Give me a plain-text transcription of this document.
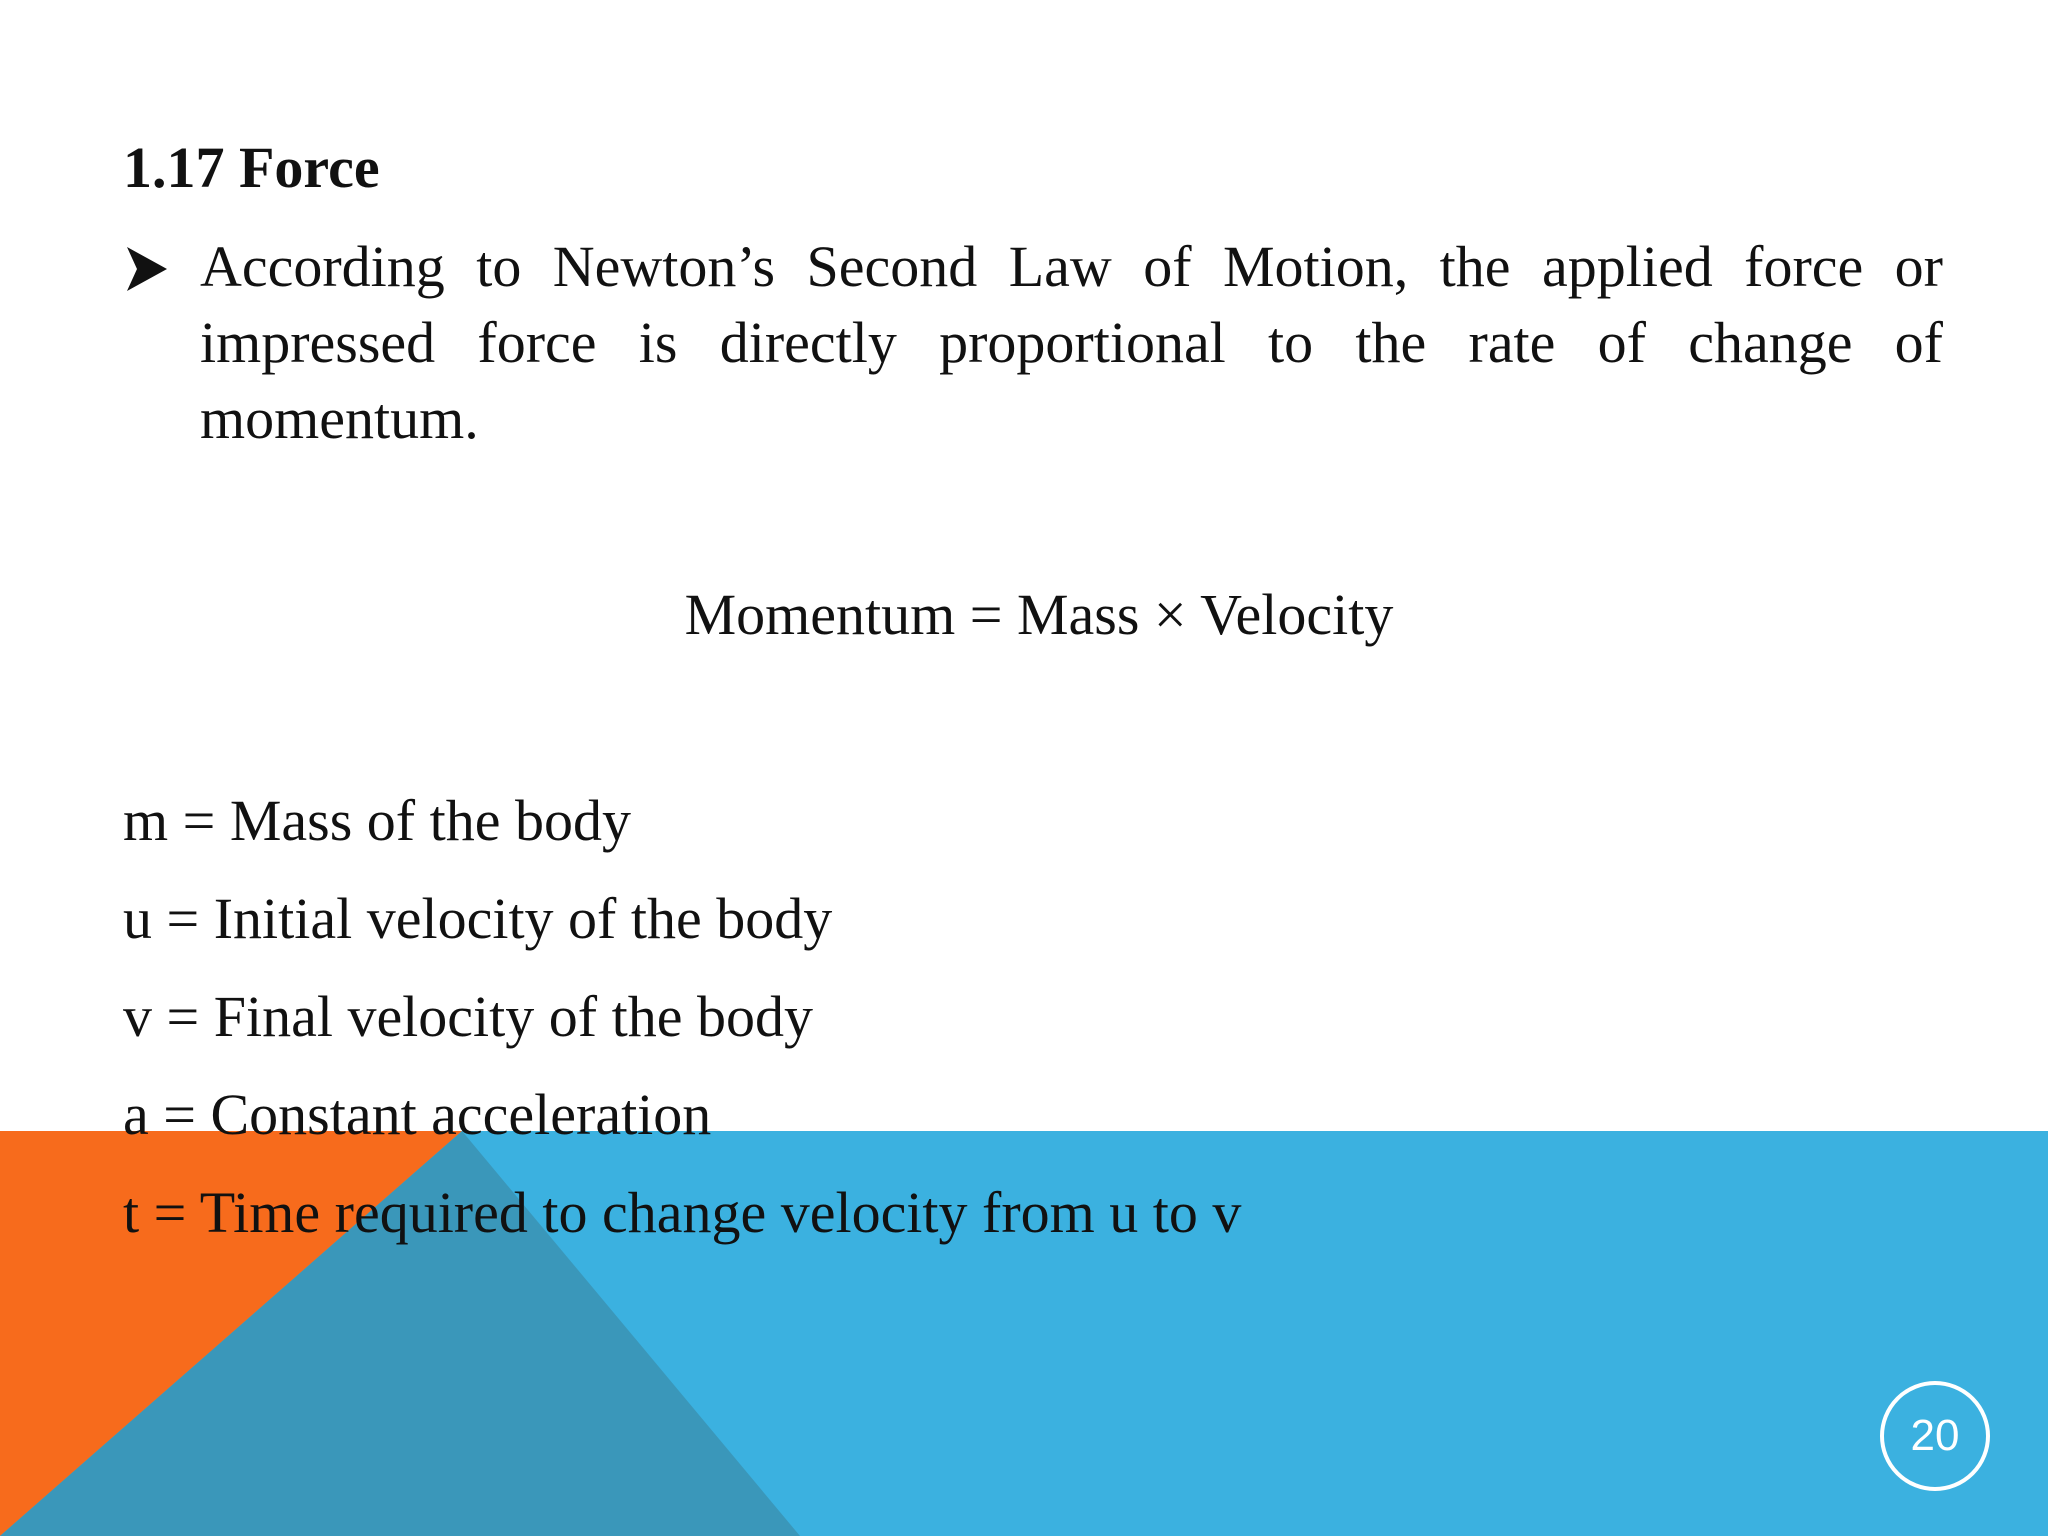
1.17 Force
According to Newton’s Second Law of Motion, the applied force or impressed force is directly proportional to the rate of change of momentum.
Momentum = Mass × Velocity
m = Mass of the body
u = Initial velocity of the body
v = Final velocity of the body
a = Constant acceleration
t = Time required to change velocity from u to v
20
